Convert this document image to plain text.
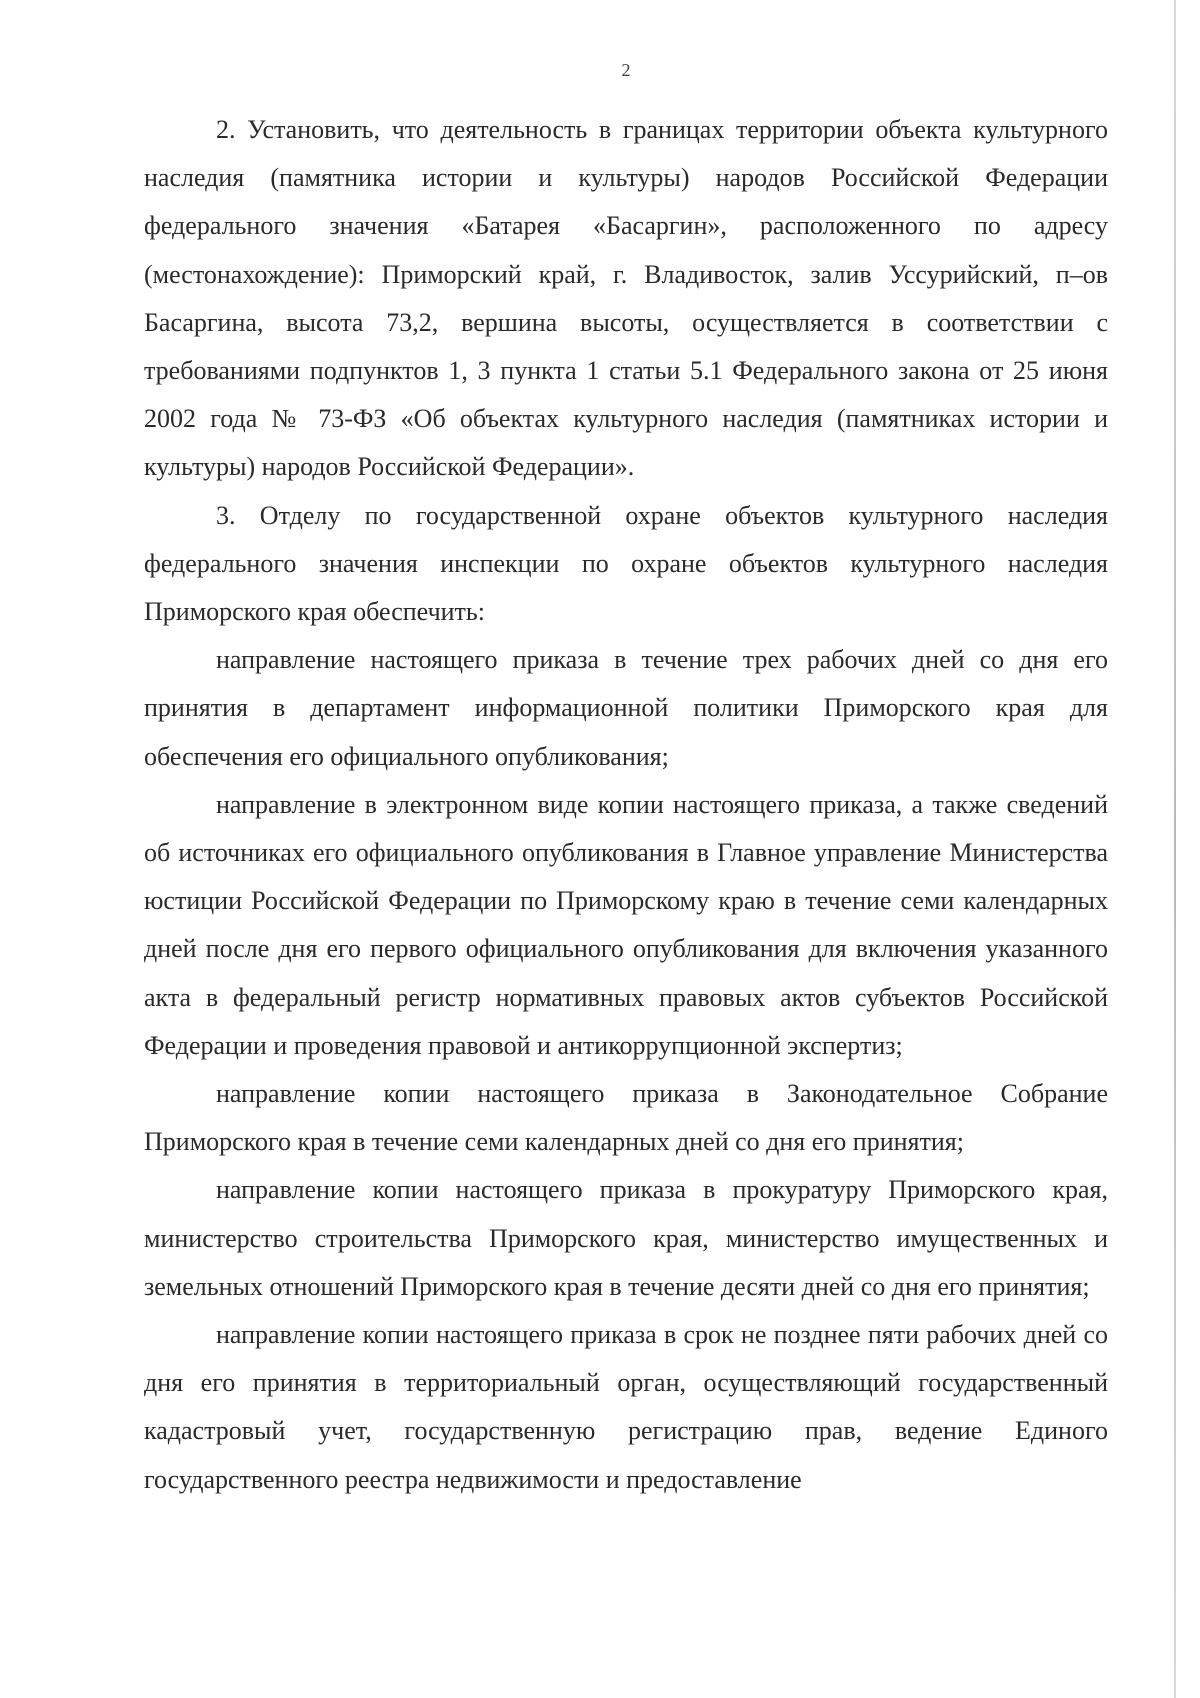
2

2. Установить, что деятельность в границах территории объекта культурного наследия (памятника истории и культуры) народов Российской Федерации федерального значения «Батарея «Басаргин», расположенного по адресу (местонахождение): Приморский край, г. Владивосток, залив Уссурийский, п–ов Басаргина, высота 73,2, вершина высоты, осуществляется в соответствии с требованиями подпунктов 1, 3 пункта 1 статьи 5.1 Федерального закона от 25 июня 2002 года № 73-ФЗ «Об объектах культурного наследия (памятниках истории и культуры) народов Российской Федерации».

3. Отделу по государственной охране объектов культурного наследия федерального значения инспекции по охране объектов культурного наследия Приморского края обеспечить:

направление настоящего приказа в течение трех рабочих дней со дня его принятия в департамент информационной политики Приморского края для обеспечения его официального опубликования;

направление в электронном виде копии настоящего приказа, а также сведений об источниках его официального опубликования в Главное управление Министерства юстиции Российской Федерации по Приморскому краю в течение семи календарных дней после дня его первого официального опубликования для включения указанного акта в федеральный регистр нормативных правовых актов субъектов Российской Федерации и проведения правовой и антикоррупционной экспертиз;

направление копии настоящего приказа в Законодательное Собрание Приморского края в течение семи календарных дней со дня его принятия;

направление копии настоящего приказа в прокуратуру Приморского края, министерство строительства Приморского края, министерство имущественных и земельных отношений Приморского края в течение десяти дней со дня его принятия;

направление копии настоящего приказа в срок не позднее пяти рабочих дней со дня его принятия в территориальный орган, осуществляющий государственный кадастровый учет, государственную регистрацию прав, ведение Единого государственного реестра недвижимости и предоставление
